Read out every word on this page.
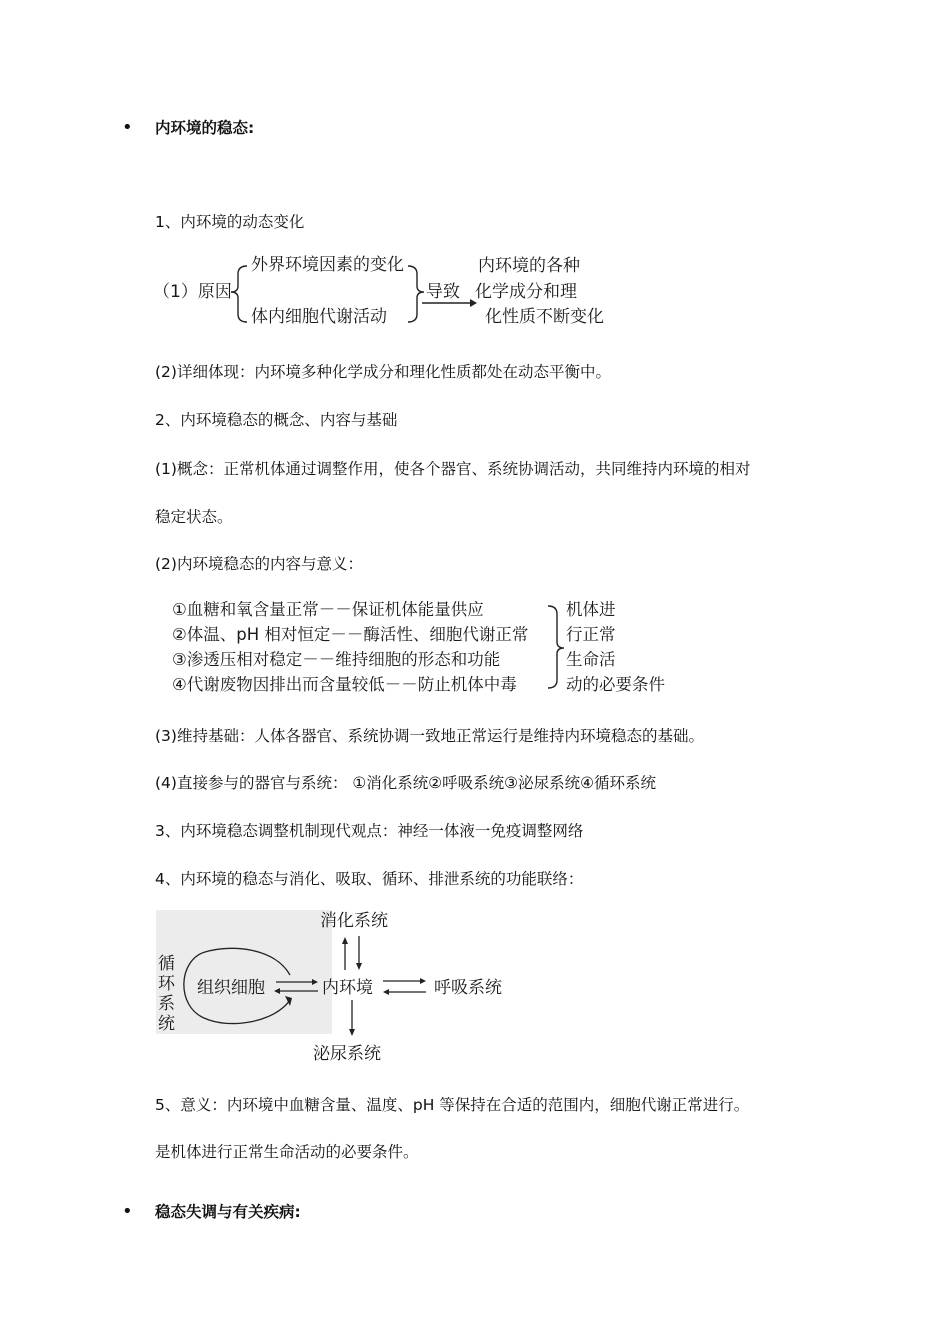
• 内环境的稳态:
1、内环境的动态变化
（1）原因
外界环境因素的变化
体内细胞代谢活动
导致
内环境的各种
化学成分和理
化性质不断变化
(2)详细体现：内环境多种化学成分和理化性质都处在动态平衡中。
2、内环境稳态的概念、内容与基础
(1)概念：正常机体通过调整作用，使各个器官、系统协调活动，共同维持内环境的相对
稳定状态。
(2)内环境稳态的内容与意义：
①血糖和氧含量正常－－保证机体能量供应
②体温、pH 相对恒定－－酶活性、细胞代谢正常
③渗透压相对稳定－－维持细胞的形态和功能
④代谢废物因排出而含量较低－－防止机体中毒
机体进
行正常
生命活
动的必要条件
(3)维持基础：人体各器官、系统协调一致地正常运行是维持内环境稳态的基础。
(4)直接参与的器官与系统： ①消化系统②呼吸系统③泌尿系统④循环系统
3、内环境稳态调整机制现代观点：神经一体液一免疫调整网络
4、内环境的稳态与消化、吸取、循环、排泄系统的功能联络：
消化系统
循
环
系
统
组织细胞	内环境	呼吸系统
泌尿系统
5、意义：内环境中血糖含量、温度、pH 等保持在合适的范围内，细胞代谢正常进行。
是机体进行正常生命活动的必要条件。
• 稳态失调与有关疾病:
